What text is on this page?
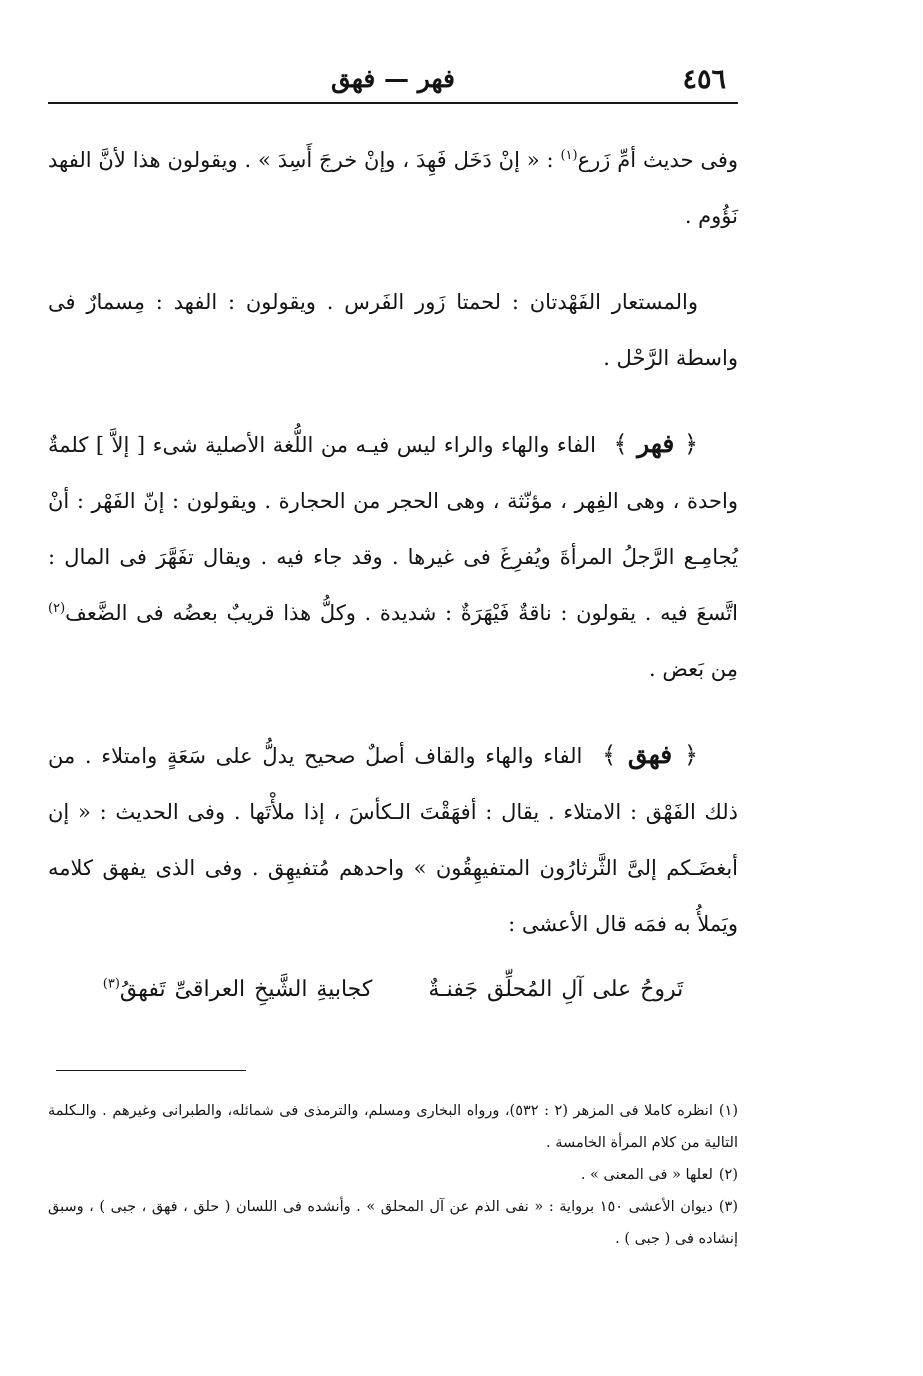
٤٥٦
فهر — فهق

وفى حديث أمِّ زَرع$^{(١)}$ : « إنْ دَخَل فَهِدَ ، وإنْ خرجَ أَسِدَ » . ويقولون هذا لأنَّ الفهد نَؤُوم .

والمستعار الفَهْدتان : لحمتا زَور الفَرس . ويقولون : الفهد : مِسمارٌ فى واسطة الرَّحْل .

﴿ فهر ﴾ الفاء والهاء والراء ليس فيـه من اللُّغة الأصلية شىء [ إلاَّ ] كلمةٌ واحدة ، وهى الفِهر ، مؤنّثة ، وهى الحجر من الحجارة . ويقولون : إنّ الفَهْر : أنْ يُجامِـع الرَّجلُ المرأةَ ويُفرِغَ فى غيرها . وقد جاء فيه . ويقال تفَهَّرَ فى المال : اتَّسعَ فيه . يقولون : ناقةٌ فَيْهَرَةٌ : شديدة . وكلُّ هذا قريبٌ بعضُه فى الضَّعف$^{(٢)}$ مِن بَعض .

﴿ فهق ﴾ الفاء والهاء والقاف أصلٌ صحيح يدلُّ على سَعَةٍ وامتلاء . من ذلك الفَهْق : الامتلاء . يقال : أفهَقْتَ الـكأسَ ، إذا ملأْتَها . وفى الحديث : « إن أبغضَـكم إلىَّ الثَّرثارُون المتفيهِقُون » واحدهم مُتفيهِق . وفى الذى يفهق كلامه ويَملأُ به فمَه قال الأعشى :

تَروحُ على آلِ المُحلِّق جَفنـةٌكجابيةِ الشَّيخِ العراقىِّ تَفهقُ$^{(٣)}$

(١)انظره كاملا فى المزهر (٢ : ٥٣٢)، ورواه البخارى ومسلم، والترمذى فى شمائله، والطبرانى وغيرهم . والـكلمة التالية من كلام المرأة الخامسة .

(٢)لعلها « فى المعنى » .

(٣)ديوان الأعشى ١٥٠ برواية : « نفى الذم عن آل المحلق » . وأنشده فى اللسان ( حلق ، فهق ، جبى ) ، وسبق إنشاده فى ( جبى ) .
